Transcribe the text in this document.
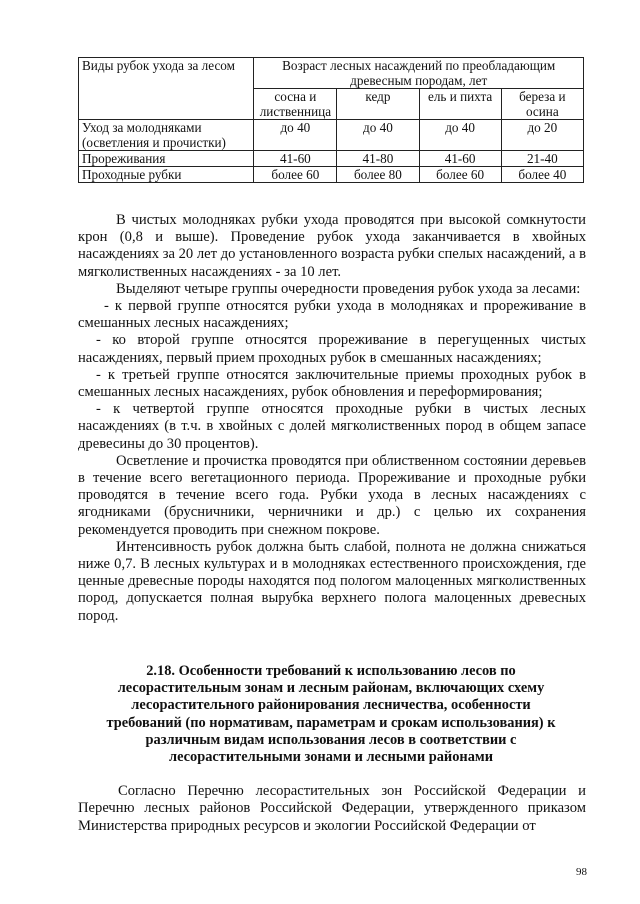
Виды рубок ухода за лесом	Возраст лесных насаждений по преобладающим древесным породам, лет			
	сосна и лиственница	кедр	ель и пихта	береза и осина
Уход за молодняками (осветления и прочистки)	до 40	до 40	до 40	до 20
Прореживания	41-60	41-80	41-60	21-40
Проходные рубки	более 60	более 80	более 60	более 40

В чистых молодняках рубки ухода проводятся при высокой сомкнутости крон (0,8 и выше). Проведение рубок ухода заканчивается в хвойных насаждениях за 20 лет до установленного возраста рубки спелых насаждений, а в мягколиственных насаждениях - за 10 лет.

Выделяют четыре группы очередности проведения рубок ухода за лесами:

- к первой группе относятся рубки ухода в молодняках и прореживание в смешанных лесных насаждениях;

- ко второй группе относятся прореживание в перегущенных чистых насаждениях, первый прием проходных рубок в смешанных насаждениях;

- к третьей группе относятся заключительные приемы проходных рубок в смешанных лесных насаждениях, рубок обновления и переформирования;

- к четвертой группе относятся проходные рубки в чистых лесных насаждениях (в т.ч. в хвойных с долей мягколиственных пород в общем запасе древесины до 30 процентов).

Осветление и прочистка проводятся при облиственном состоянии деревьев в течение всего вегетационного периода. Прореживание и проходные рубки проводятся в течение всего года. Рубки ухода в лесных насаждениях с ягодниками (брусничники, черничники и др.) с целью их сохранения рекомендуется проводить при снежном покрове.

Интенсивность рубок должна быть слабой, полнота не должна снижаться ниже 0,7. В лесных культурах и в молодняках естественного происхождения, где ценные древесные породы находятся под пологом малоценных мягколиственных пород, допускается полная вырубка верхнего полога малоценных древесных пород.

2.18. Особенности требований к использованию лесов по
лесорастительным зонам и лесным районам, включающих схему
лесорастительного районирования лесничества, особенности
требований (по нормативам, параметрам и срокам использования) к
различным видам использования лесов в соответствии с
лесорастительными зонами и лесными районами

Согласно Перечню лесорастительных зон Российской Федерации и Перечню лесных районов Российской Федерации, утвержденного приказом Министерства природных ресурсов и экологии Российской Федерации от

98
